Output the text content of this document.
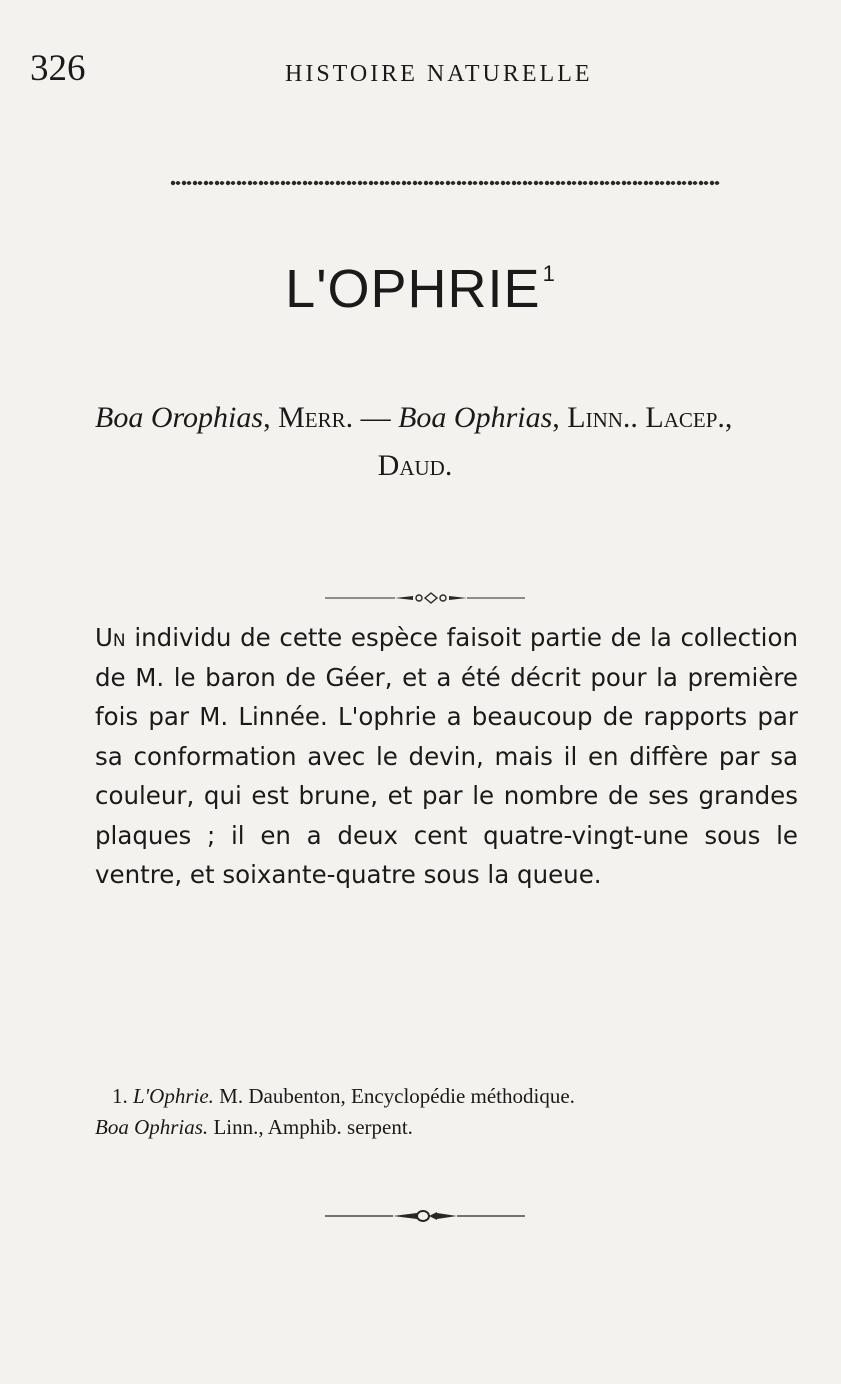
326	HISTOIRE NATURELLE
L'OPHRIE$^1$

Boa Orophias, Merr. — Boa Ophrias, Linn.. Lacep.,
Daud.

Un individu de cette espèce faisoit partie de la collection de M. le baron de Géer, et a été décrit pour la première fois par M. Linnée. L'ophrie a beaucoup de rapports par sa conformation avec le devin, mais il en diffère par sa couleur, qui est brune, et par le nombre de ses grandes plaques ; il en a deux cent quatre-vingt-une sous le ventre, et soixante-quatre sous la queue.

1. L'Ophrie. M. Daubenton, Encyclopédie méthodique.
Boa Ophrias. Linn., Amphib. serpent.
